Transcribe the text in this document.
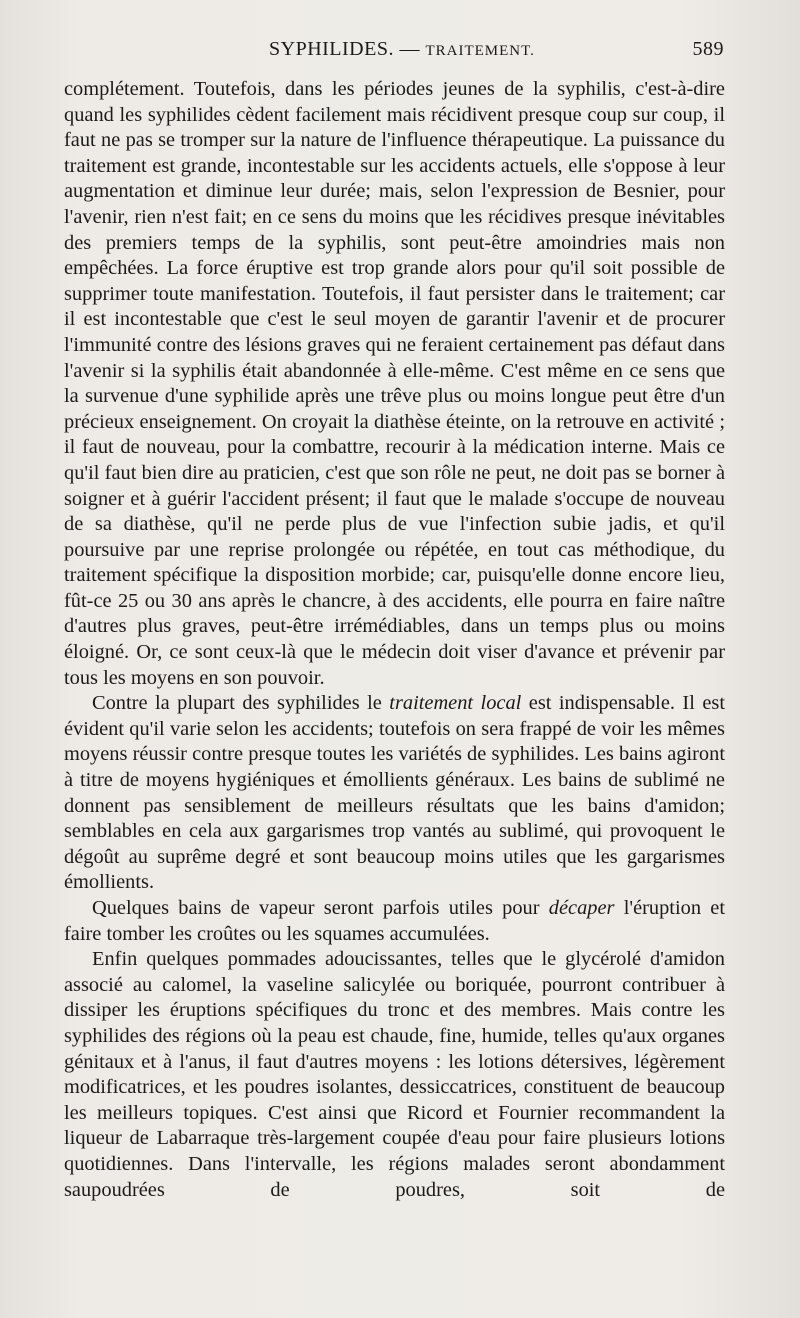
SYPHILIDES. — TRAITEMENT.	589

complétement. Toutefois, dans les périodes jeunes de la syphilis, c'est-à-dire quand les syphilides cèdent facilement mais récidivent presque coup sur coup, il faut ne pas se tromper sur la nature de l'influence thérapeutique. La puissance du traitement est grande, incontestable sur les accidents actuels, elle s'oppose à leur augmentation et diminue leur durée; mais, selon l'expression de Besnier, pour l'avenir, rien n'est fait; en ce sens du moins que les récidives presque inévitables des premiers temps de la syphilis, sont peut-être amoindries mais non empêchées. La force éruptive est trop grande alors pour qu'il soit possible de supprimer toute manifestation. Toutefois, il faut persister dans le traitement; car il est incontestable que c'est le seul moyen de garantir l'avenir et de procurer l'immunité contre des lésions graves qui ne feraient certainement pas défaut dans l'avenir si la syphilis était abandonnée à elle-même. C'est même en ce sens que la survenue d'une syphilide après une trêve plus ou moins longue peut être d'un précieux enseignement. On croyait la diathèse éteinte, on la retrouve en activité ; il faut de nouveau, pour la combattre, recourir à la médication interne. Mais ce qu'il faut bien dire au praticien, c'est que son rôle ne peut, ne doit pas se borner à soigner et à guérir l'accident présent; il faut que le malade s'occupe de nouveau de sa diathèse, qu'il ne perde plus de vue l'infection subie jadis, et qu'il poursuive par une reprise prolongée ou répétée, en tout cas méthodique, du traitement spécifique la disposition morbide; car, puisqu'elle donne encore lieu, fût-ce 25 ou 30 ans après le chancre, à des accidents, elle pourra en faire naître d'autres plus graves, peut-être irrémédiables, dans un temps plus ou moins éloigné. Or, ce sont ceux-là que le médecin doit viser d'avance et prévenir par tous les moyens en son pouvoir.

Contre la plupart des syphilides le traitement local est indispensable. Il est évident qu'il varie selon les accidents; toutefois on sera frappé de voir les mêmes moyens réussir contre presque toutes les variétés de syphilides. Les bains agiront à titre de moyens hygiéniques et émollients généraux. Les bains de sublimé ne donnent pas sensiblement de meilleurs résultats que les bains d'amidon; semblables en cela aux gargarismes trop vantés au sublimé, qui provoquent le dégoût au suprême degré et sont beaucoup moins utiles que les gargarismes émollients.

Quelques bains de vapeur seront parfois utiles pour décaper l'éruption et faire tomber les croûtes ou les squames accumulées.

Enfin quelques pommades adoucissantes, telles que le glycérolé d'amidon associé au calomel, la vaseline salicylée ou boriquée, pourront contribuer à dissiper les éruptions spécifiques du tronc et des membres. Mais contre les syphilides des régions où la peau est chaude, fine, humide, telles qu'aux organes génitaux et à l'anus, il faut d'autres moyens : les lotions détersives, légèrement modificatrices, et les poudres isolantes, dessiccatrices, constituent de beaucoup les meilleurs topiques. C'est ainsi que Ricord et Fournier recommandent la liqueur de Labarraque très-largement coupée d'eau pour faire plusieurs lotions quotidiennes. Dans l'intervalle, les régions malades seront abondamment saupoudrées de poudres, soit de
